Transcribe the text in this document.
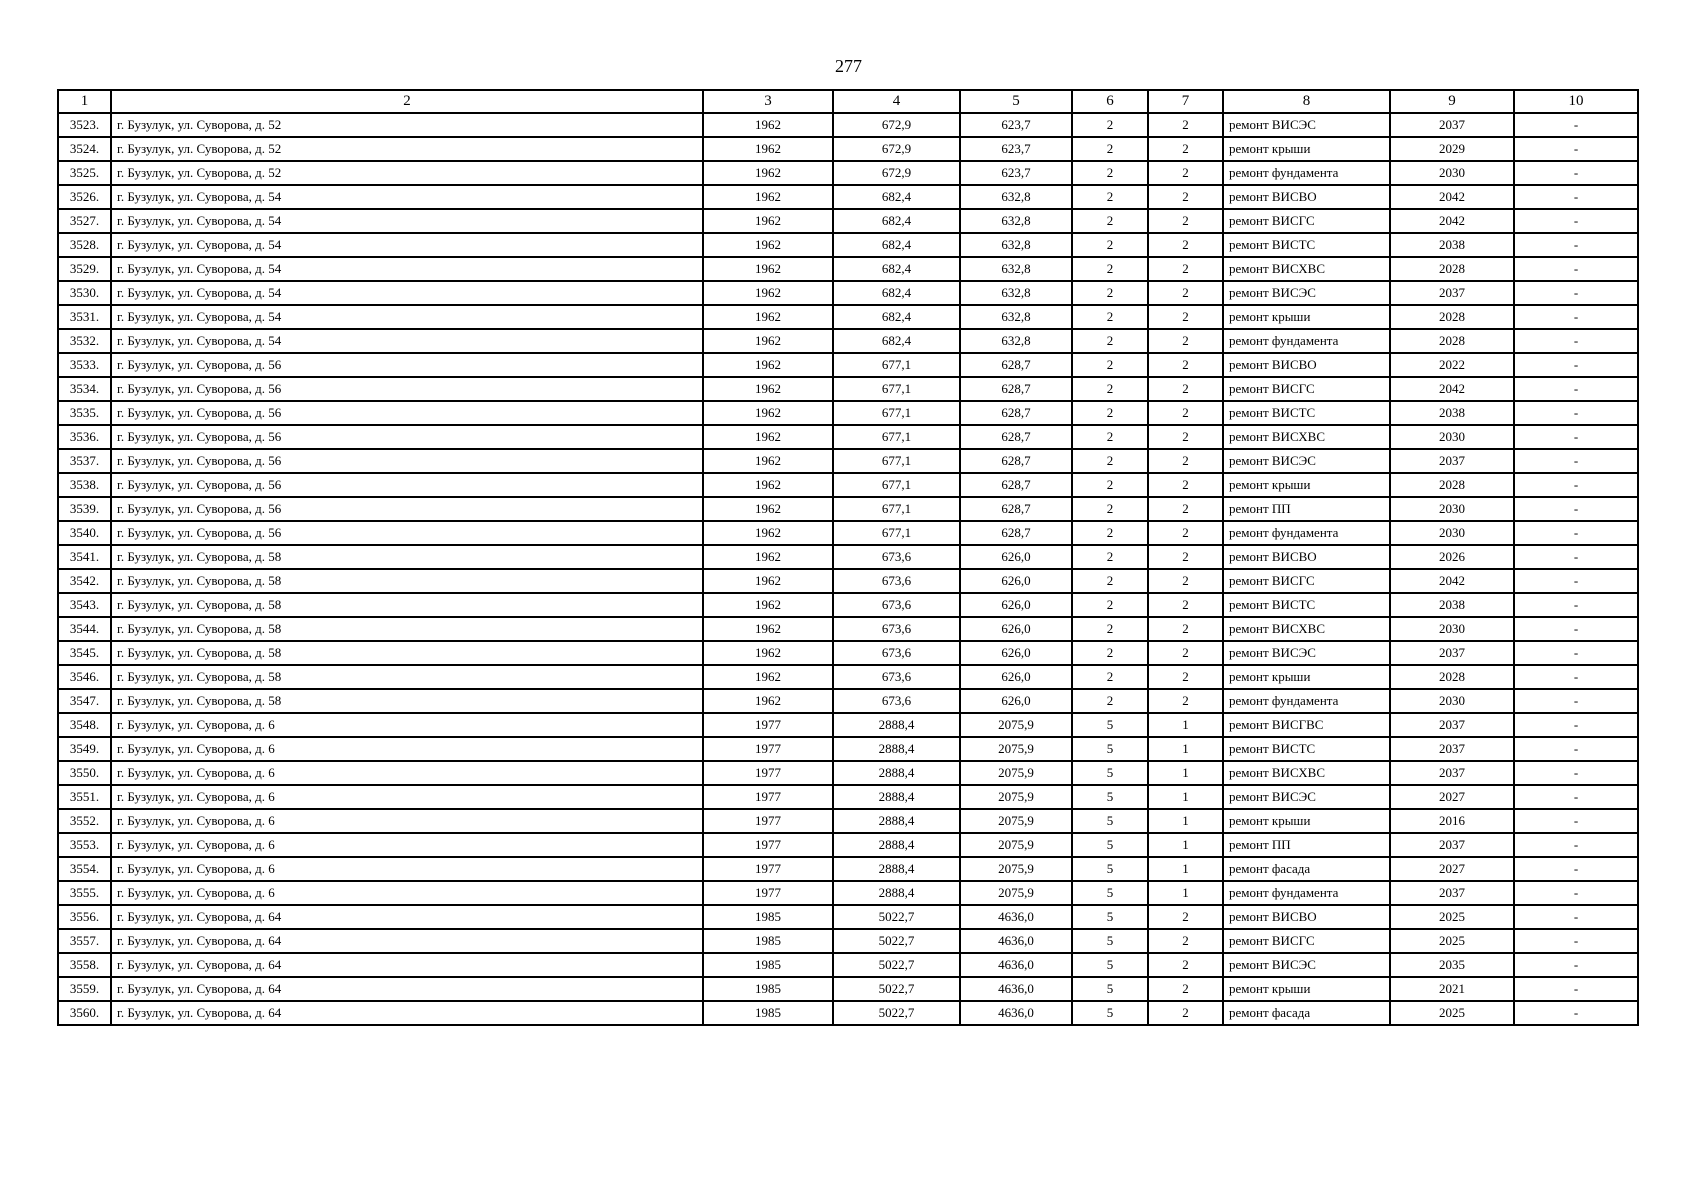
277
1	2	3	4	5	6	7	8	9	10
3523.	г. Бузулук, ул. Суворова, д. 52	1962	672,9	623,7	2	2	ремонт ВИСЭС	2037	-
3524.	г. Бузулук, ул. Суворова, д. 52	1962	672,9	623,7	2	2	ремонт крыши	2029	-
3525.	г. Бузулук, ул. Суворова, д. 52	1962	672,9	623,7	2	2	ремонт фундамента	2030	-
3526.	г. Бузулук, ул. Суворова, д. 54	1962	682,4	632,8	2	2	ремонт ВИСВО	2042	-
3527.	г. Бузулук, ул. Суворова, д. 54	1962	682,4	632,8	2	2	ремонт ВИСГС	2042	-
3528.	г. Бузулук, ул. Суворова, д. 54	1962	682,4	632,8	2	2	ремонт ВИСТС	2038	-
3529.	г. Бузулук, ул. Суворова, д. 54	1962	682,4	632,8	2	2	ремонт ВИСХВС	2028	-
3530.	г. Бузулук, ул. Суворова, д. 54	1962	682,4	632,8	2	2	ремонт ВИСЭС	2037	-
3531.	г. Бузулук, ул. Суворова, д. 54	1962	682,4	632,8	2	2	ремонт крыши	2028	-
3532.	г. Бузулук, ул. Суворова, д. 54	1962	682,4	632,8	2	2	ремонт фундамента	2028	-
3533.	г. Бузулук, ул. Суворова, д. 56	1962	677,1	628,7	2	2	ремонт ВИСВО	2022	-
3534.	г. Бузулук, ул. Суворова, д. 56	1962	677,1	628,7	2	2	ремонт ВИСГС	2042	-
3535.	г. Бузулук, ул. Суворова, д. 56	1962	677,1	628,7	2	2	ремонт ВИСТС	2038	-
3536.	г. Бузулук, ул. Суворова, д. 56	1962	677,1	628,7	2	2	ремонт ВИСХВС	2030	-
3537.	г. Бузулук, ул. Суворова, д. 56	1962	677,1	628,7	2	2	ремонт ВИСЭС	2037	-
3538.	г. Бузулук, ул. Суворова, д. 56	1962	677,1	628,7	2	2	ремонт крыши	2028	-
3539.	г. Бузулук, ул. Суворова, д. 56	1962	677,1	628,7	2	2	ремонт ПП	2030	-
3540.	г. Бузулук, ул. Суворова, д. 56	1962	677,1	628,7	2	2	ремонт фундамента	2030	-
3541.	г. Бузулук, ул. Суворова, д. 58	1962	673,6	626,0	2	2	ремонт ВИСВО	2026	-
3542.	г. Бузулук, ул. Суворова, д. 58	1962	673,6	626,0	2	2	ремонт ВИСГС	2042	-
3543.	г. Бузулук, ул. Суворова, д. 58	1962	673,6	626,0	2	2	ремонт ВИСТС	2038	-
3544.	г. Бузулук, ул. Суворова, д. 58	1962	673,6	626,0	2	2	ремонт ВИСХВС	2030	-
3545.	г. Бузулук, ул. Суворова, д. 58	1962	673,6	626,0	2	2	ремонт ВИСЭС	2037	-
3546.	г. Бузулук, ул. Суворова, д. 58	1962	673,6	626,0	2	2	ремонт крыши	2028	-
3547.	г. Бузулук, ул. Суворова, д. 58	1962	673,6	626,0	2	2	ремонт фундамента	2030	-
3548.	г. Бузулук, ул. Суворова, д. 6	1977	2888,4	2075,9	5	1	ремонт ВИСГВС	2037	-
3549.	г. Бузулук, ул. Суворова, д. 6	1977	2888,4	2075,9	5	1	ремонт ВИСТС	2037	-
3550.	г. Бузулук, ул. Суворова, д. 6	1977	2888,4	2075,9	5	1	ремонт ВИСХВС	2037	-
3551.	г. Бузулук, ул. Суворова, д. 6	1977	2888,4	2075,9	5	1	ремонт ВИСЭС	2027	-
3552.	г. Бузулук, ул. Суворова, д. 6	1977	2888,4	2075,9	5	1	ремонт крыши	2016	-
3553.	г. Бузулук, ул. Суворова, д. 6	1977	2888,4	2075,9	5	1	ремонт ПП	2037	-
3554.	г. Бузулук, ул. Суворова, д. 6	1977	2888,4	2075,9	5	1	ремонт фасада	2027	-
3555.	г. Бузулук, ул. Суворова, д. 6	1977	2888,4	2075,9	5	1	ремонт фундамента	2037	-
3556.	г. Бузулук, ул. Суворова, д. 64	1985	5022,7	4636,0	5	2	ремонт ВИСВО	2025	-
3557.	г. Бузулук, ул. Суворова, д. 64	1985	5022,7	4636,0	5	2	ремонт ВИСГС	2025	-
3558.	г. Бузулук, ул. Суворова, д. 64	1985	5022,7	4636,0	5	2	ремонт ВИСЭС	2035	-
3559.	г. Бузулук, ул. Суворова, д. 64	1985	5022,7	4636,0	5	2	ремонт крыши	2021	-
3560.	г. Бузулук, ул. Суворова, д. 64	1985	5022,7	4636,0	5	2	ремонт фасада	2025	-
